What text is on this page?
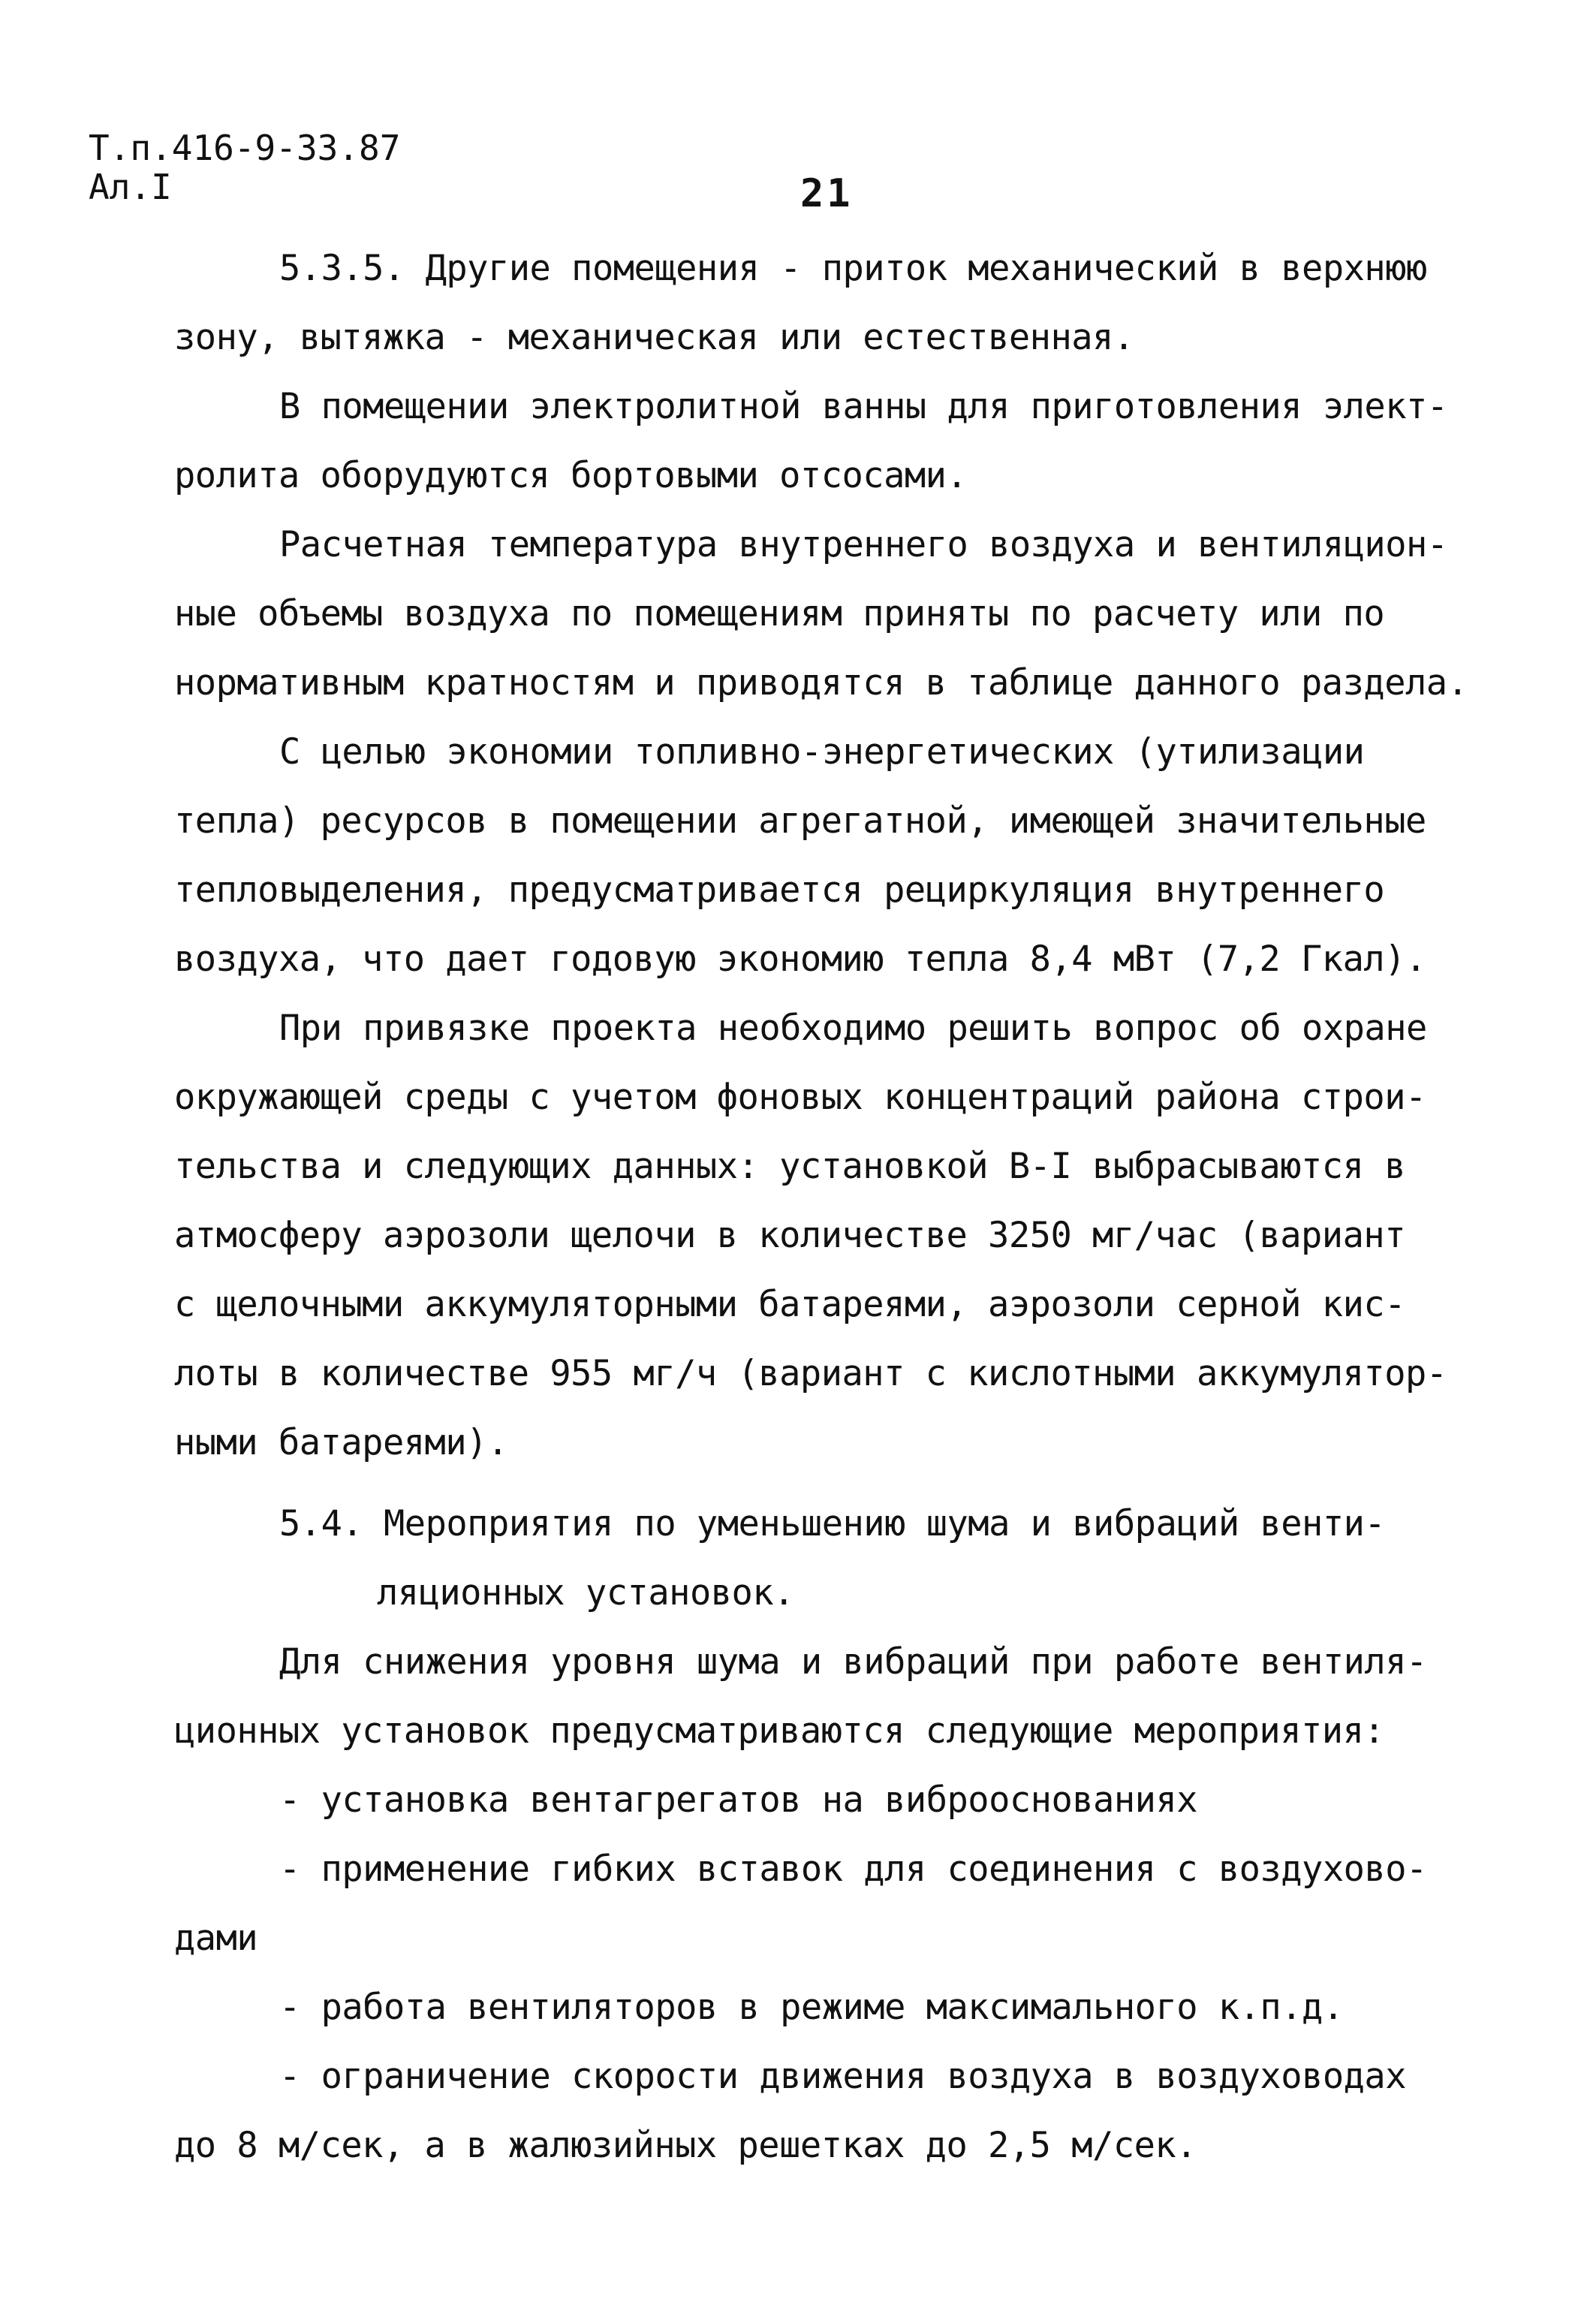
Т.п.416-9-33.87
Ал.I	21
5.3.5. Другие помещения - приток механический в верхнюю
зону, вытяжка - механическая или естественная.
В помещении электролитной ванны для приготовления элект-
ролита оборудуются бортовыми отсосами.
Расчетная температура внутреннего воздуха и вентиляцион-
ные объемы воздуха по помещениям приняты по расчету или по
нормативным кратностям и приводятся в таблице данного раздела.
С целью экономии топливно-энергетических (утилизации
тепла) ресурсов в помещении агрегатной, имеющей значительные
тепловыделения, предусматривается рециркуляция внутреннего
воздуха, что дает годовую экономию тепла 8,4 мВт (7,2 Гкал).
При привязке проекта необходимо решить вопрос об охране
окружающей среды с учетом фоновых концентраций района строи-
тельства и следующих данных: установкой В-I выбрасываются в
атмосферу аэрозоли щелочи в количестве 3250 мг/час (вариант
с щелочными аккумуляторными батареями, аэрозоли серной кис-
лоты в количестве 955 мг/ч (вариант с кислотными аккумулятор-
ными батареями).
5.4. Мероприятия по уменьшению шума и вибраций венти-
ляционных установок.
Для снижения уровня шума и вибраций при работе вентиля-
ционных установок предусматриваются следующие мероприятия:
- установка вентагрегатов на виброоснованиях
- применение гибких вставок для соединения с воздухово-
дами
- работа вентиляторов в режиме максимального к.п.д.
- ограничение скорости движения воздуха в воздуховодах
до 8 м/сек, а в жалюзийных решетках до 2,5 м/сек.
